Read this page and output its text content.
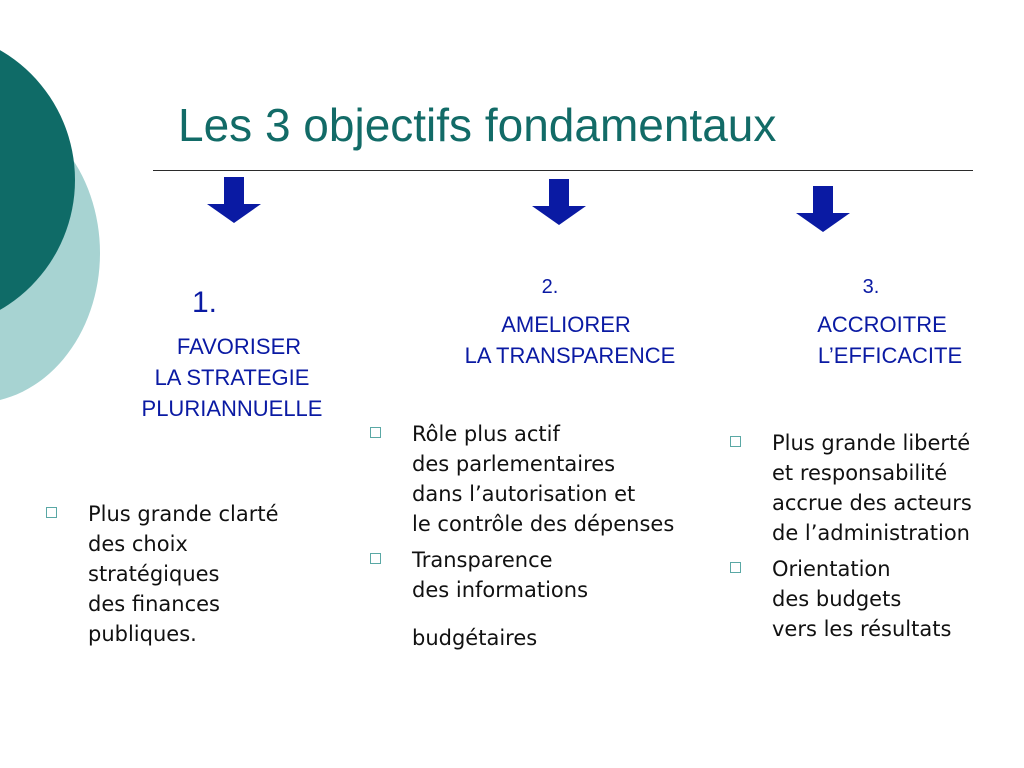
Les 3 objectifs fondamentaux
1.
FAVORISER
LA STRATEGIE
PLURIANNUELLE
2.
AMELIORER
LA TRANSPARENCE
3.
ACCROITRE
L’EFFICACITE
Plus grande clarté
des choix
stratégiques
des finances
publiques.
Rôle plus actif
des parlementaires
dans l’autorisation et
le contrôle des dépenses
Transparence
des informations
budgétaires
Plus grande liberté
et responsabilité
accrue des acteurs
de l’administration
Orientation
des budgets
vers les résultats
